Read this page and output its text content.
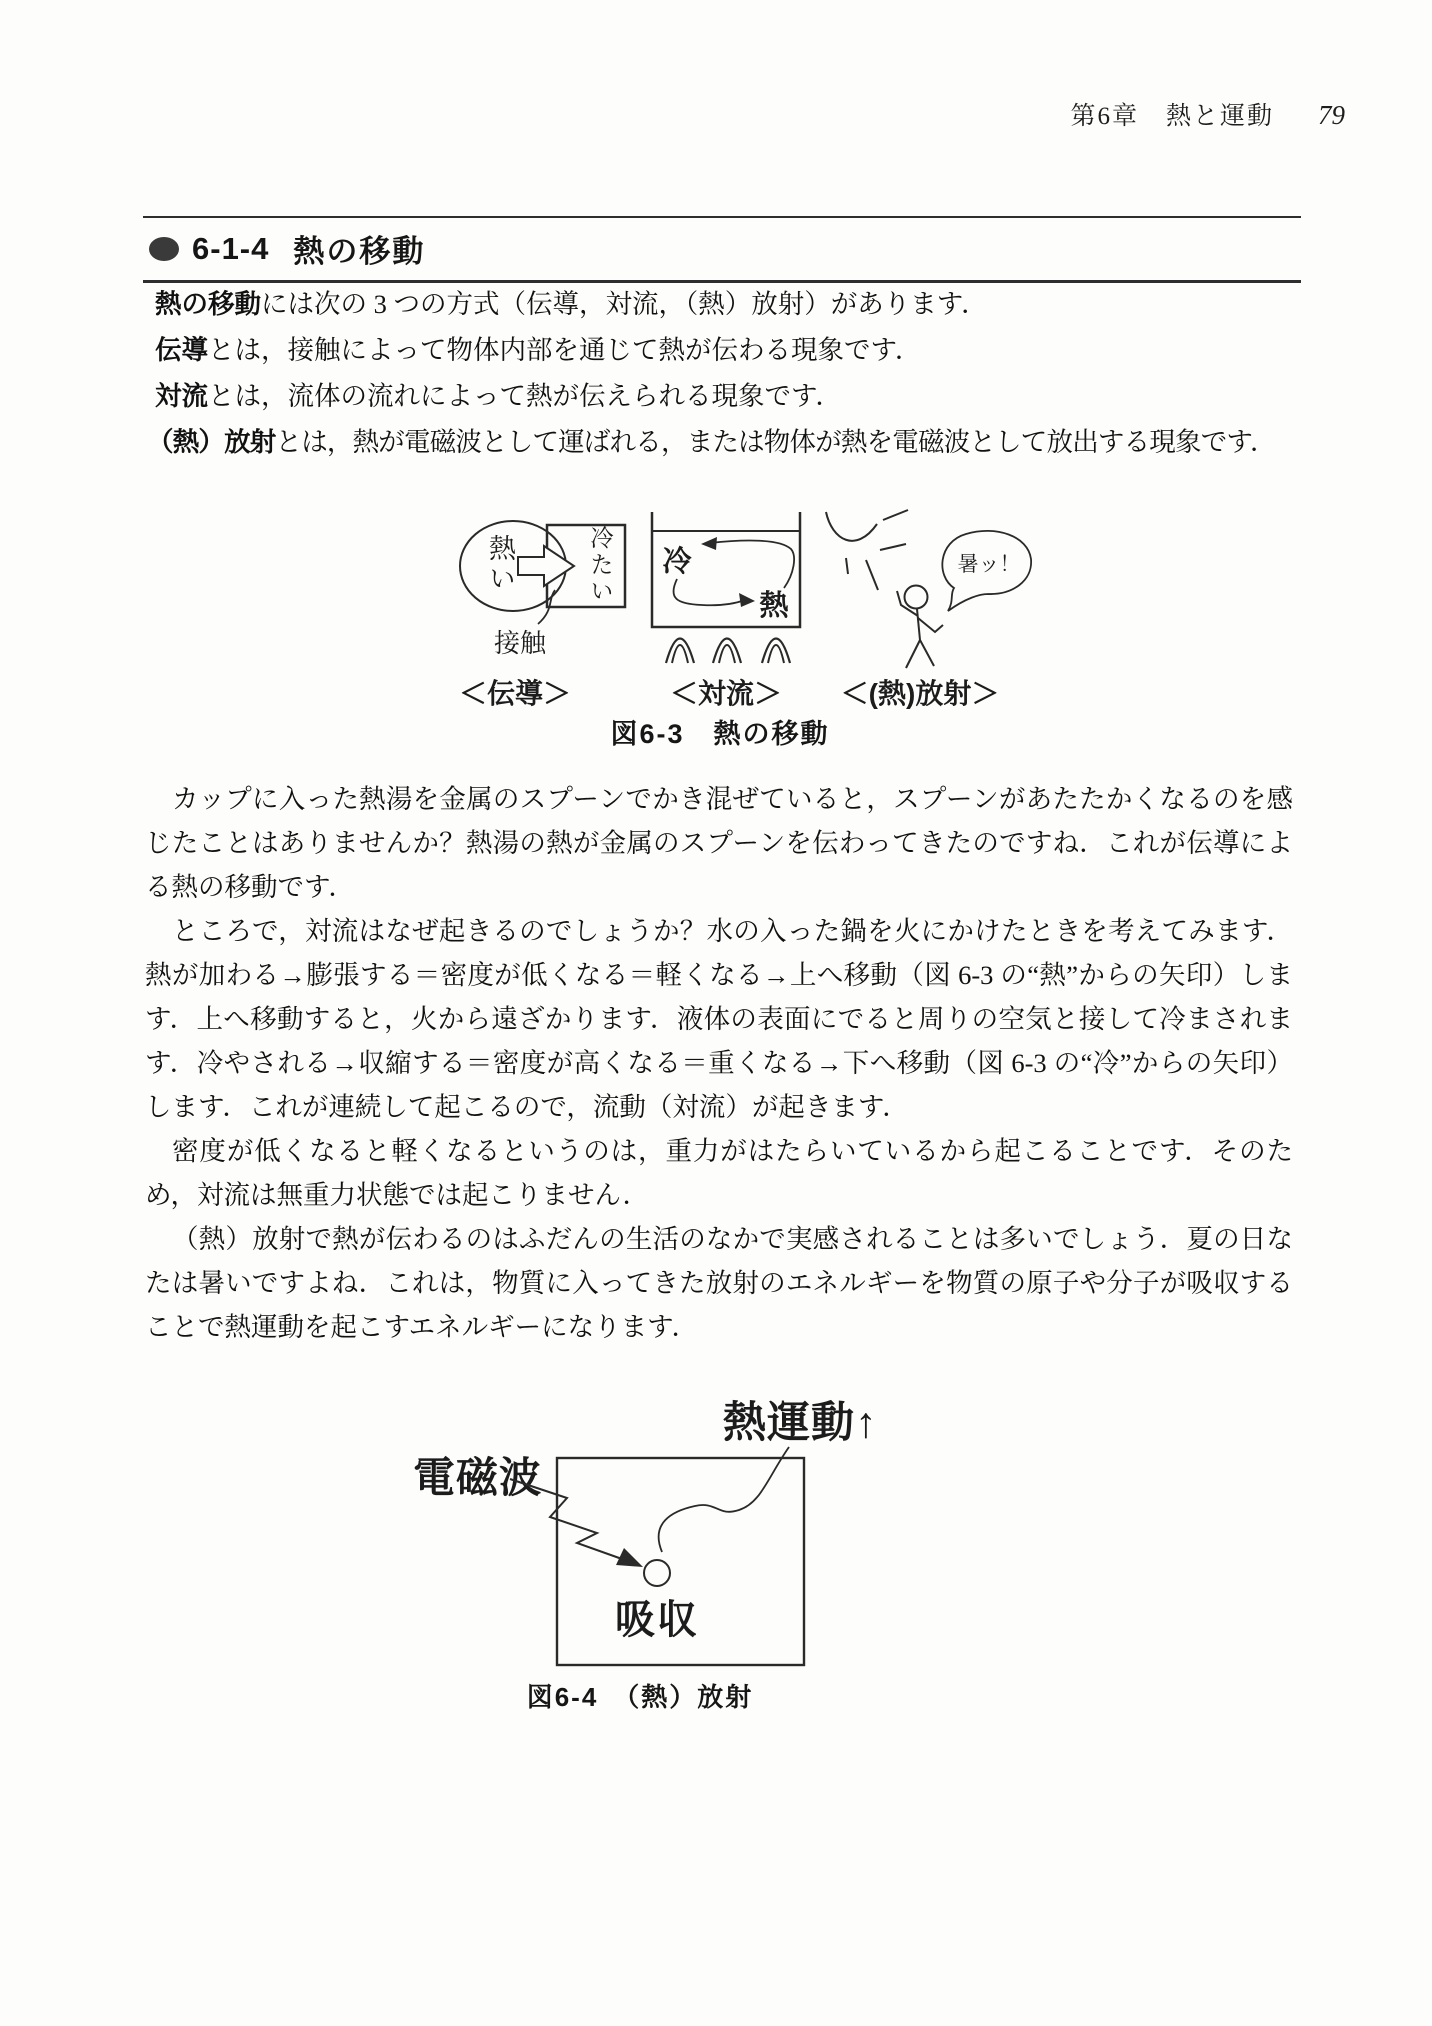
第6章　熱と運動 79
6-1-4 熱の移動
熱の移動には次の 3 つの方式（伝導，対流，（熱）放射）があります．
伝導とは，接触によって物体内部を通じて熱が伝わる現象です．
対流とは，流体の流れによって熱が伝えられる現象です．
（熱）放射とは，熱が電磁波として運ばれる，または物体が熱を電磁波として放出する現象です．
熱い	冷たい
接触
＜伝導＞
冷
熱
＜対流＞
暑ッ！
＜(熱)放射＞
図6-3　熱の移動

カップに入った熱湯を金属のスプーンでかき混ぜていると，スプーンがあたたかくなるのを感じたことはありませんか？熱湯の熱が金属のスプーンを伝わってきたのですね．これが伝導による熱の移動です．

ところで，対流はなぜ起きるのでしょうか？水の入った鍋を火にかけたときを考えてみます．熱が加わる→膨張する＝密度が低くなる＝軽くなる→上へ移動（図 6-3 の“熱”からの矢印）します．上へ移動すると，火から遠ざかります．液体の表面にでると周りの空気と接して冷まされます．冷やされる→収縮する＝密度が高くなる＝重くなる→下へ移動（図 6-3 の“冷”からの矢印）します．これが連続して起こるので，流動（対流）が起きます．

密度が低くなると軽くなるというのは，重力がはたらいているから起こることです．そのため，対流は無重力状態では起こりません．

（熱）放射で熱が伝わるのはふだんの生活のなかで実感されることは多いでしょう．夏の日なたは暑いですよね．これは，物質に入ってきた放射のエネルギーを物質の原子や分子が吸収することで熱運動を起こすエネルギーになります．

熱運動↑
電磁波
吸収
図6-4　（熱）放射
